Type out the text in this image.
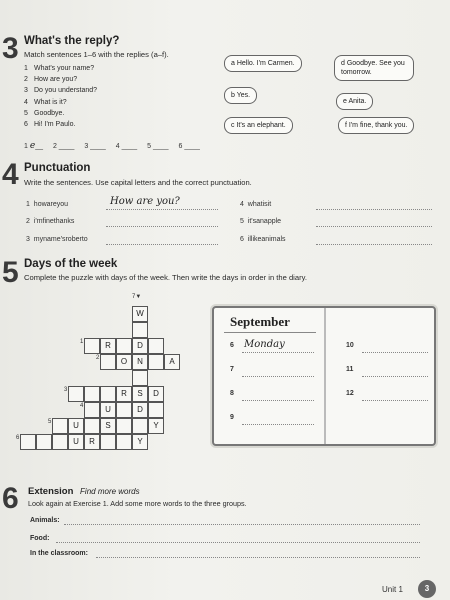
3 What's the reply?
Match sentences 1–6 with the replies (a–f).
1 What's your name?
2 How are you?
3 Do you understand?
4 What is it?
5 Goodbye.
6 Hi! I'm Paulo.
a Hello. I'm Carmen.
b Yes.
c It's an elephant.
d Goodbye. See you tomorrow.
e Anita.
f I'm fine, thank you.
1 e__ 2 ____ 3 ____ 4 ____ 5 ____ 6 ____
4 Punctuation
Write the sentences. Use capital letters and the correct punctuation.
1 howareyou	How are you?
2 i'mfinethanks
3 myname'sroberto
4 whatisit
5 it'sanapple
6 illikeanimals
5 Days of the week
Complete the puzzle with days of the week. Then write the days in order in the diary.
7▼
1
2
3
4
5
6
W
R	D
O	N	A
R	S	D
U	D
U	S	Y
U	R	Y
September
6 Monday
7
8
9
10
11
12
6 Extension Find more words
Look again at Exercise 1. Add some more words to the three groups.
Animals:
Food:
In the classroom:
Unit 1	3
